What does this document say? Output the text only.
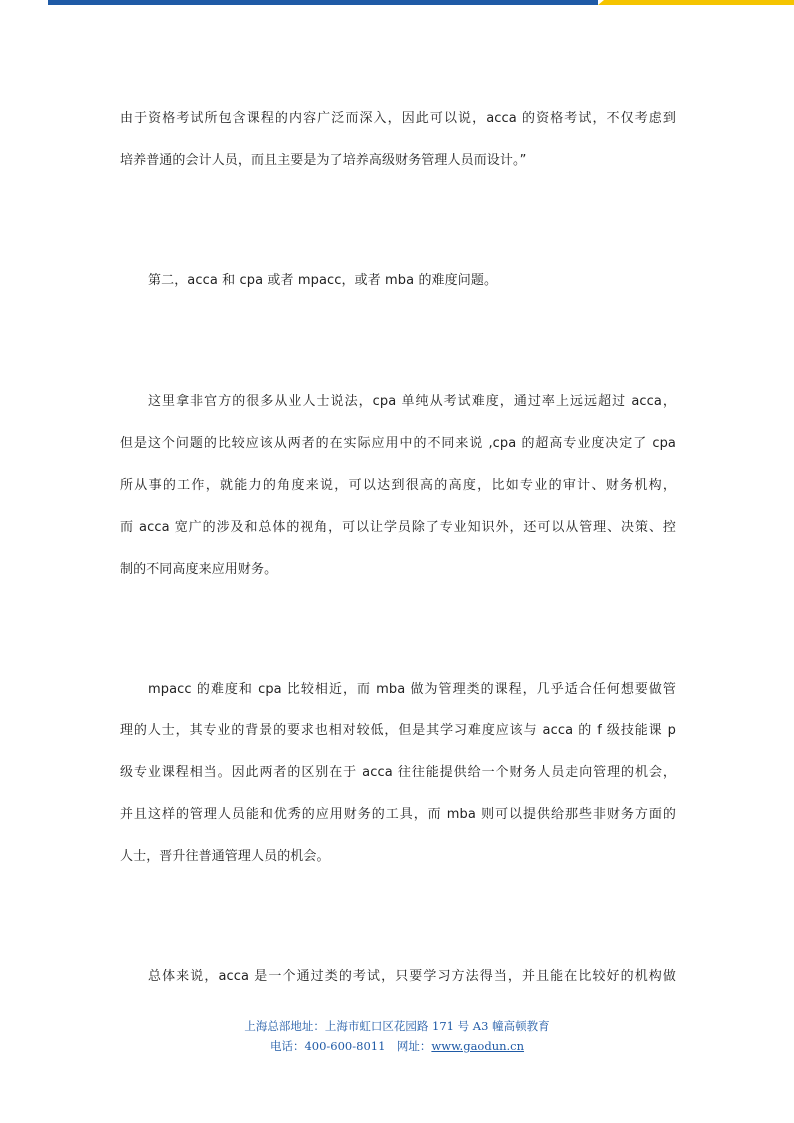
由于资格考试所包含课程的内容广泛而深入，因此可以说，acca 的资格考试，不仅考虑到
培养普通的会计人员，而且主要是为了培养高级财务管理人员而设计。”
第二，acca 和 cpa 或者 mpacc，或者 mba 的难度问题。
这里拿非官方的很多从业人士说法，cpa 单纯从考试难度，通过率上远远超过 acca，
但是这个问题的比较应该从两者的在实际应用中的不同来说 ,cpa 的超高专业度决定了 cpa
所从事的工作，就能力的角度来说，可以达到很高的高度，比如专业的审计、财务机构，
而 acca 宽广的涉及和总体的视角，可以让学员除了专业知识外，还可以从管理、决策、控
制的不同高度来应用财务。
mpacc 的难度和 cpa 比较相近，而 mba 做为管理类的课程，几乎适合任何想要做管
理的人士，其专业的背景的要求也相对较低，但是其学习难度应该与 acca 的 f 级技能课 p
级专业课程相当。因此两者的区别在于 acca 往往能提供给一个财务人员走向管理的机会，
并且这样的管理人员能和优秀的应用财务的工具，而 mba 则可以提供给那些非财务方面的
人士，晋升往普通管理人员的机会。
总体来说，acca 是一个通过类的考试，只要学习方法得当，并且能在比较好的机构做
上海总部地址：上海市虹口区花园路 171 号 A3 幢高顿教育
电话：400-600-8011　网址：www.gaodun.cn
